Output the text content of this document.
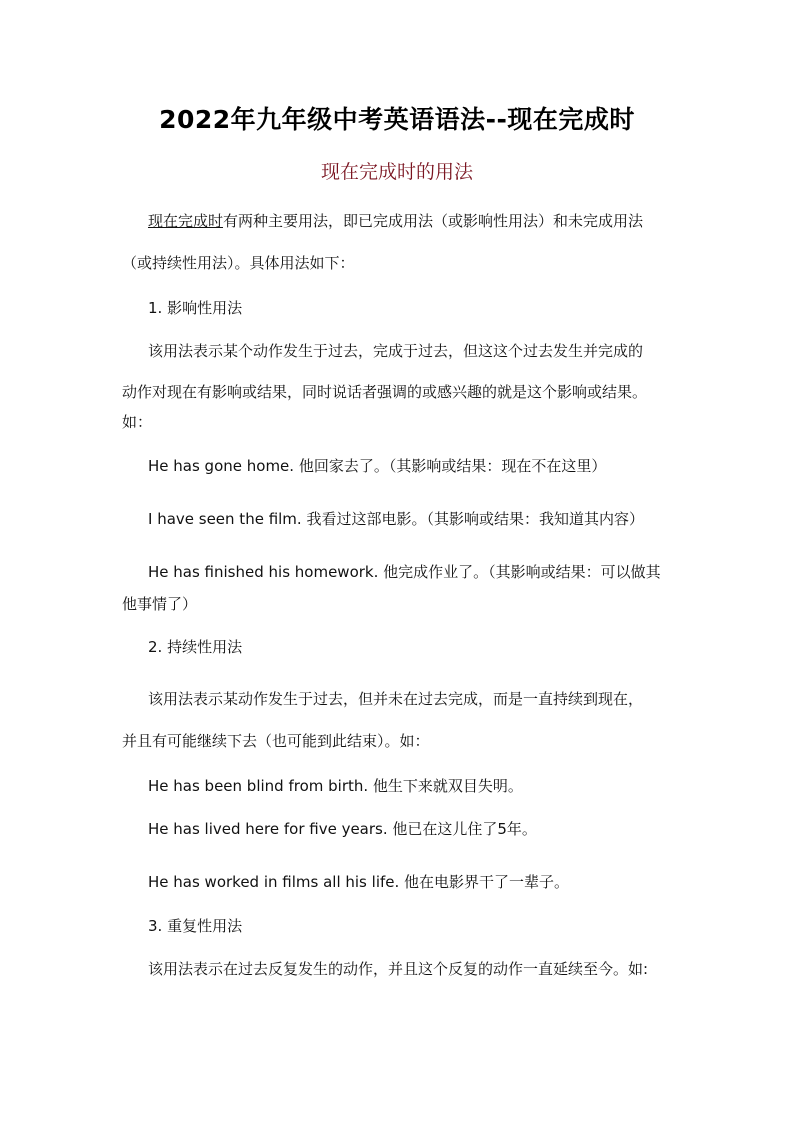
2022年九年级中考英语语法--现在完成时
现在完成时的用法
现在完成时有两种主要用法，即已完成用法（或影响性用法）和未完成用法
（或持续性用法）。具体用法如下：
1. 影响性用法
该用法表示某个动作发生于过去，完成于过去，但这这个过去发生并完成的
动作对现在有影响或结果，同时说话者强调的或感兴趣的就是这个影响或结果。
如：
He has gone home. 他回家去了。（其影响或结果：现在不在这里）
I have seen the film. 我看过这部电影。（其影响或结果：我知道其内容）
He has finished his homework. 他完成作业了。（其影响或结果：可以做其
他事情了）
2. 持续性用法
该用法表示某动作发生于过去，但并未在过去完成，而是一直持续到现在，
并且有可能继续下去（也可能到此结束）。如：
He has been blind from birth. 他生下来就双目失明。
He has lived here for five years. 他已在这儿住了5年。
He has worked in films all his life. 他在电影界干了一辈子。
3. 重复性用法
该用法表示在过去反复发生的动作，并且这个反复的动作一直延续至今。如:
